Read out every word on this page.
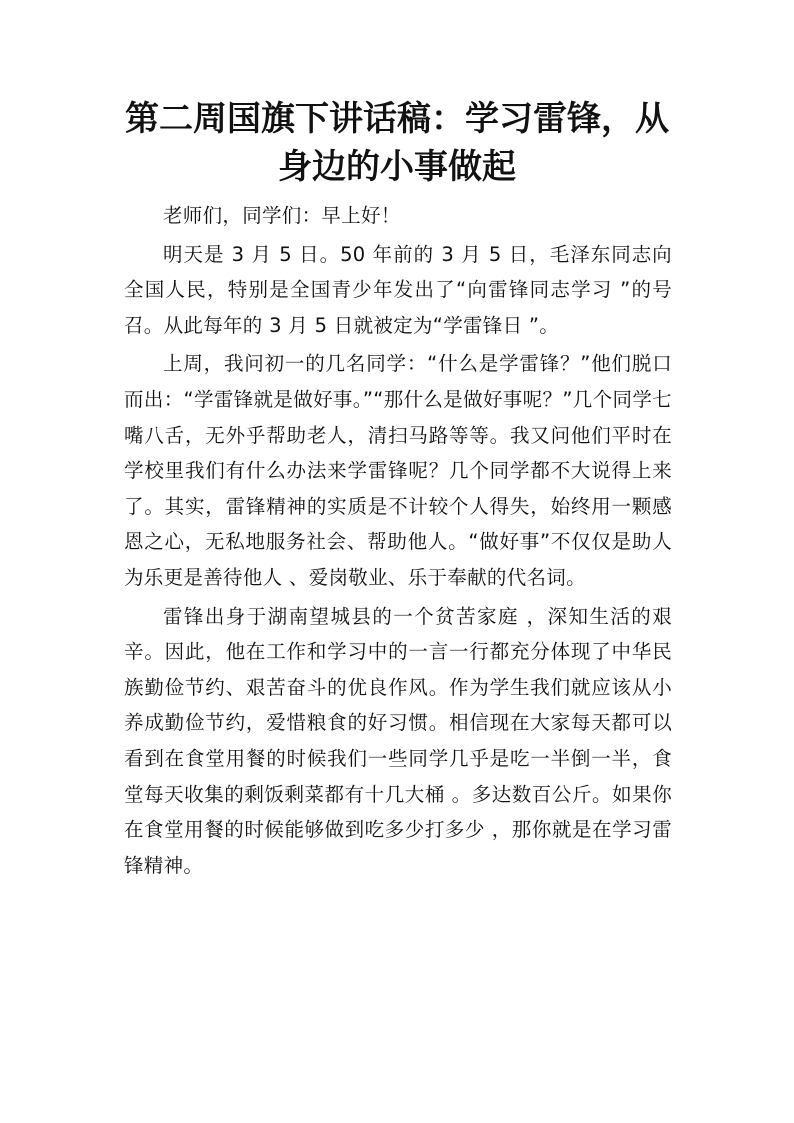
第二周国旗下讲话稿：学习雷锋，从身边的小事做起

老师们，同学们：早上好！

明天是 3 月 5 日。50 年前的 3 月 5 日，毛泽东同志向全国人民，特别是全国青少年发出了“向雷锋同志学习 ”的号召。从此每年的 3 月 5 日就被定为“学雷锋日 ”。

上周，我问初一的几名同学：“什么是学雷锋？”他们脱口而出：“学雷锋就是做好事。”“那什么是做好事呢？”几个同学七嘴八舌，无外乎帮助老人，清扫马路等等。我又问他们平时在学校里我们有什么办法来学雷锋呢？几个同学都不大说得上来了。其实，雷锋精神的实质是不计较个人得失，始终用一颗感恩之心，无私地服务社会、帮助他人。“做好事”不仅仅是助人为乐更是善待他人 、爱岗敬业、乐于奉献的代名词。

雷锋出身于湖南望城县的一个贫苦家庭 ，深知生活的艰辛。因此，他在工作和学习中的一言一行都充分体现了中华民族勤俭节约、艰苦奋斗的优良作风。作为学生我们就应该从小养成勤俭节约，爱惜粮食的好习惯。相信现在大家每天都可以看到在食堂用餐的时候我们一些同学几乎是吃一半倒一半，食堂每天收集的剩饭剩菜都有十几大桶 。多达数百公斤。如果你在食堂用餐的时候能够做到吃多少打多少 ，那你就是在学习雷锋精神。
